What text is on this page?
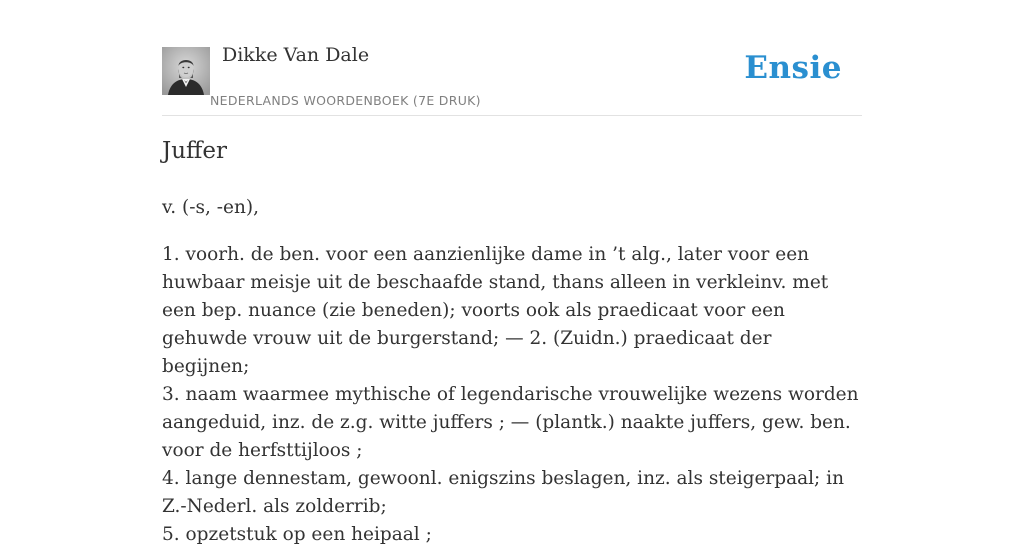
Dikke Van Dale
NEDERLANDS WOORDENBOEK (7E DRUK)
Ensie
Juffer

v. (-s, -en),

1. voorh. de ben. voor een aanzienlijke dame in ’t alg., later voor een huwbaar meisje uit de beschaafde stand, thans alleen in verkleinv. met een bep. nuance (zie beneden); voorts ook als praedicaat voor een gehuwde vrouw uit de burgerstand; — 2. (Zuidn.) praedicaat der begijnen;

3. naam waarmee mythische of legendarische vrouwelijke wezens worden aangeduid, inz. de z.g. witte juffers ; — (plantk.) naakte juffers, gew. ben. voor de herfsttijloos ;

4. lange dennestam, gewoonl. enigszins beslagen, inz. als steigerpaal; in Z.-Nederl. als zolderrib;

5. opzetstuk op een heipaal ;
